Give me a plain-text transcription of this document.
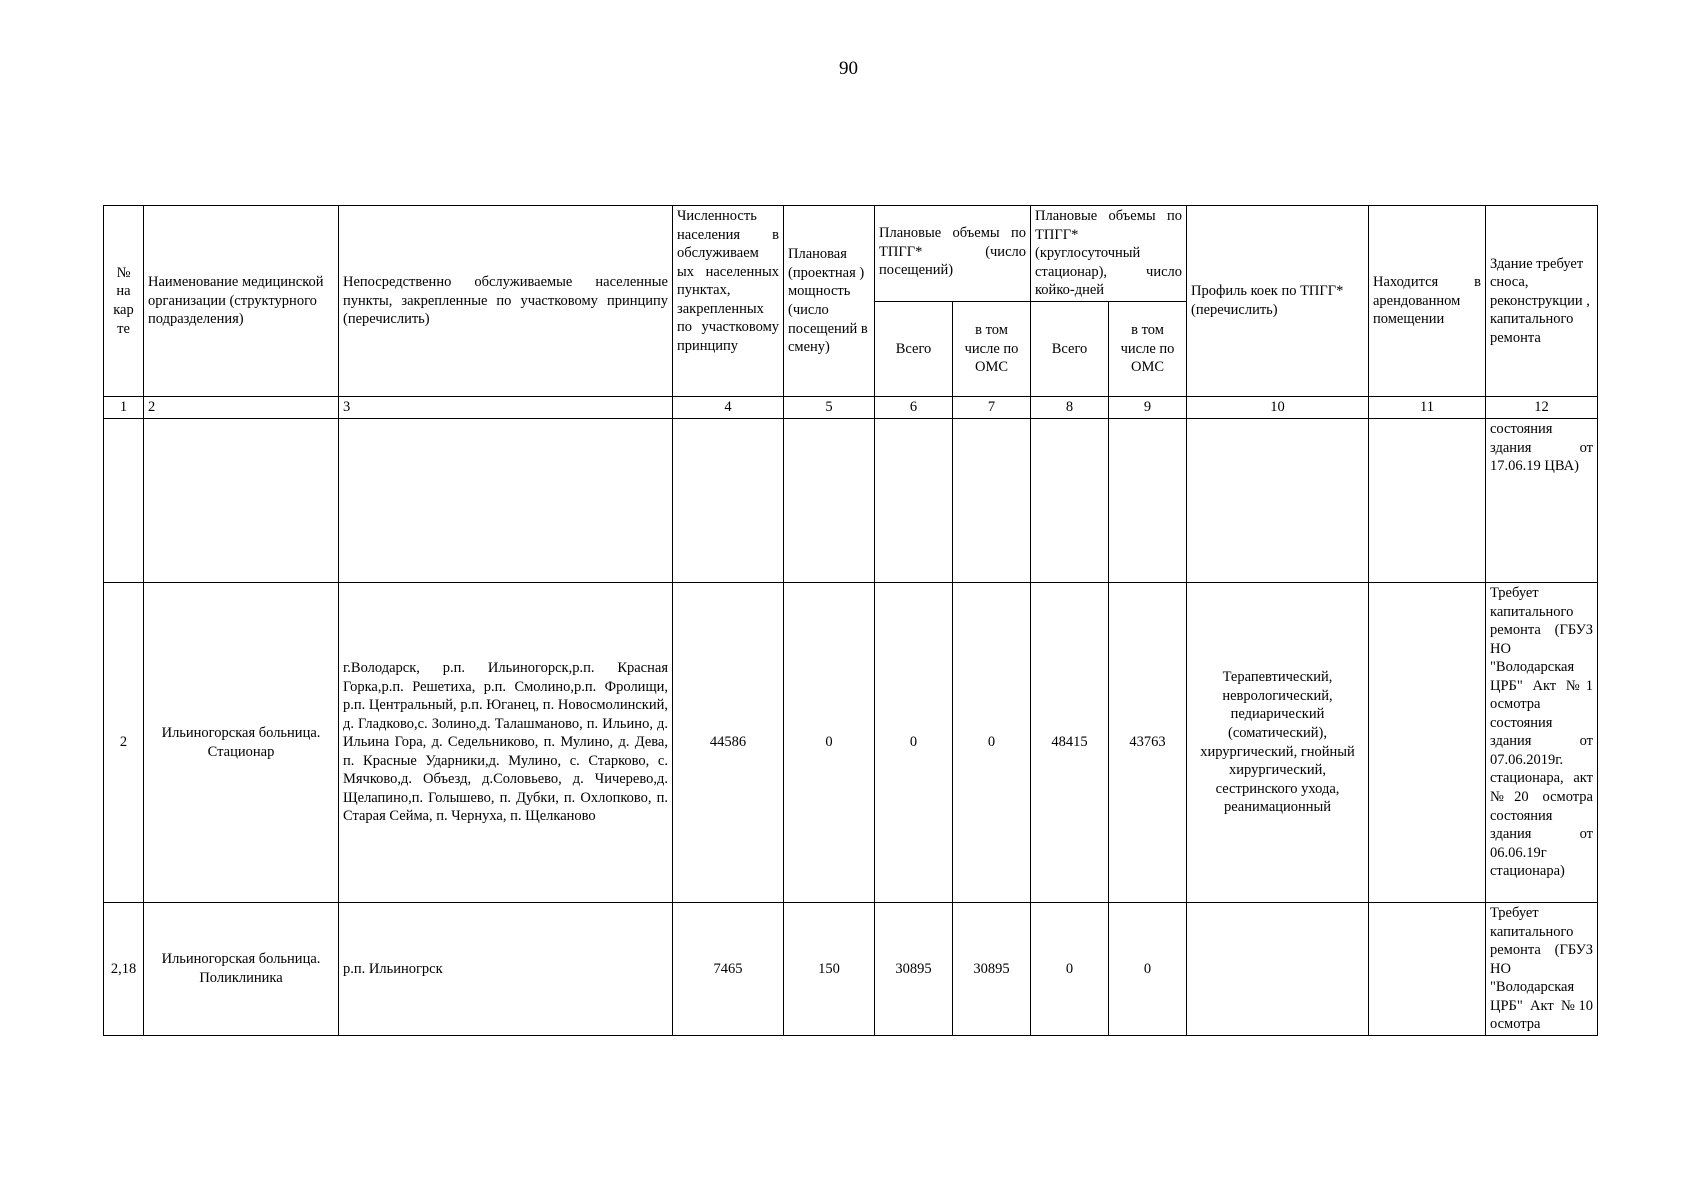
90
№ на кар те	Наименование медицинской организации (структурного подразделения)	Непосредственно обслуживаемые населенные пункты, закрепленные по участковому принципу (перечислить)	Численность населения в обслуживаем ых населенных пунктах, закрепленных по участковому принципу	Плановая (проектная ) мощность (число посещений в смену)	Плановые объемы по ТПГГ* (число посещений)		Плановые объемы по ТПГГ* (круглосуточный стационар), число койко-дней		Профиль коек по ТПГГ* (перечислить)	Находится в арендованном помещении	Здание требует сноса, реконструкции , капитального ремонта
					Всего	в том числе по ОМС	Всего	в том числе по ОМС			
1	2	3	4	5	6	7	8	9	10	11	12
											состояния здания от 17.06.19 ЦВА)
2	Ильиногорская больница. Стационар	г.Володарск, р.п. Ильиногорск,р.п. Красная Горка,р.п. Решетиха, р.п. Смолино,р.п. Фролищи, р.п. Центральный, р.п. Юганец, п. Новосмолинский, д. Гладково,с. Золино,д. Талашманово, п. Ильино, д. Ильина Гора, д. Седельниково, п. Мулино, д. Дева, п. Красные Ударники,д. Мулино, с. Старково, с. Мячково,д. Объезд, д.Соловьево, д. Чичерево,д. Щелапино,п. Голышево, п. Дубки, п. Охлопково, п. Старая Сейма, п. Чернуха, п. Щелканово	44586	0	0	0	48415	43763	Терапевтический, неврологический, педиарический (соматический), хирургический, гнойный хирургический, сестринского ухода, реанимационный		Требует капитального ремонта (ГБУЗ НО "Володарская ЦРБ" Акт №1 осмотра состояния здания от 07.06.2019г. стационара, акт №20 осмотра состояния здания от 06.06.19г стационара)
2,18	Ильиногорская больница. Поликлиника	р.п. Ильиногрск	7465	150	30895	30895	0	0			Требует капитального ремонта (ГБУЗ НО "Володарская ЦРБ" Акт №10 осмотра
